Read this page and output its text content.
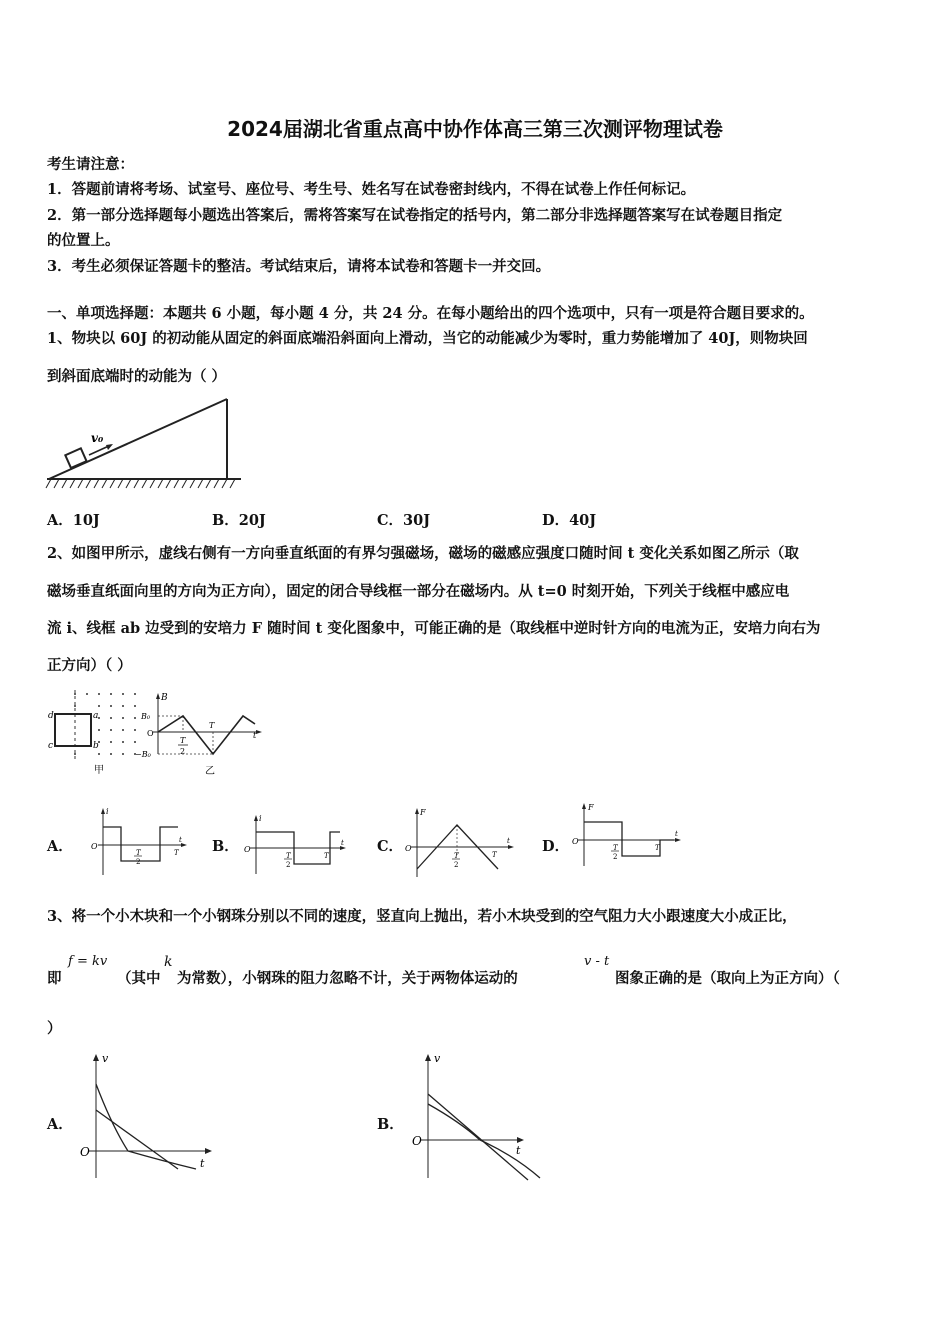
2024届湖北省重点高中协作体高三第三次测评物理试卷
考生请注意：
1．答题前请将考场、试室号、座位号、考生号、姓名写在试卷密封线内，不得在试卷上作任何标记。
2．第一部分选择题每小题选出答案后，需将答案写在试卷指定的括号内，第二部分非选择题答案写在试卷题目指定
的位置上。
3．考生必须保证答题卡的整洁。考试结束后，请将本试卷和答题卡一并交回。
一、单项选择题：本题共 6 小题，每小题 4 分，共 24 分。在每小题给出的四个选项中，只有一项是符合题目要求的。
1、物块以 60J 的初动能从固定的斜面底端沿斜面向上滑动，当它的动能减少为零时，重力势能增加了 40J，则物块回
到斜面底端时的动能为（ ）
v₀
A．10J	B．20J	C．30J	D．40J
2、如图甲所示，虚线右侧有一方向垂直纸面的有界匀强磁场，磁场的磁感应强度口随时间 t 变化关系如图乙所示（取
磁场垂直纸面向里的方向为正方向），固定的闭合导线框一部分在磁场内。从 t=0 时刻开始，下列关于线框中感应电
流 i、线框 ab 边受到的安培力 F 随时间 t 变化图象中，可能正确的是（取线框中逆时针方向的电流为正，安培力向右为
正方向）（ ）
d	a
c	b
甲
B
B₀
O
−B₀
T
2
T
t
乙
A．
i
O
T
2
T
t B．
i
O
T
2
T
t C．
F
O
T
2
T
t D．
F
O
T
2
T
t
3、将一个小木块和一个小钢珠分别以不同的速度，竖直向上抛出，若小木块受到的空气阻力大小跟速度大小成正比，
即
f = kv
（其中
k
为常数），小钢珠的阻力忽略不计，关于两物体运动的
v - t
图象正确的是（取向上为正方向）（
）
A．
v
O
t
B．
v
O
t
